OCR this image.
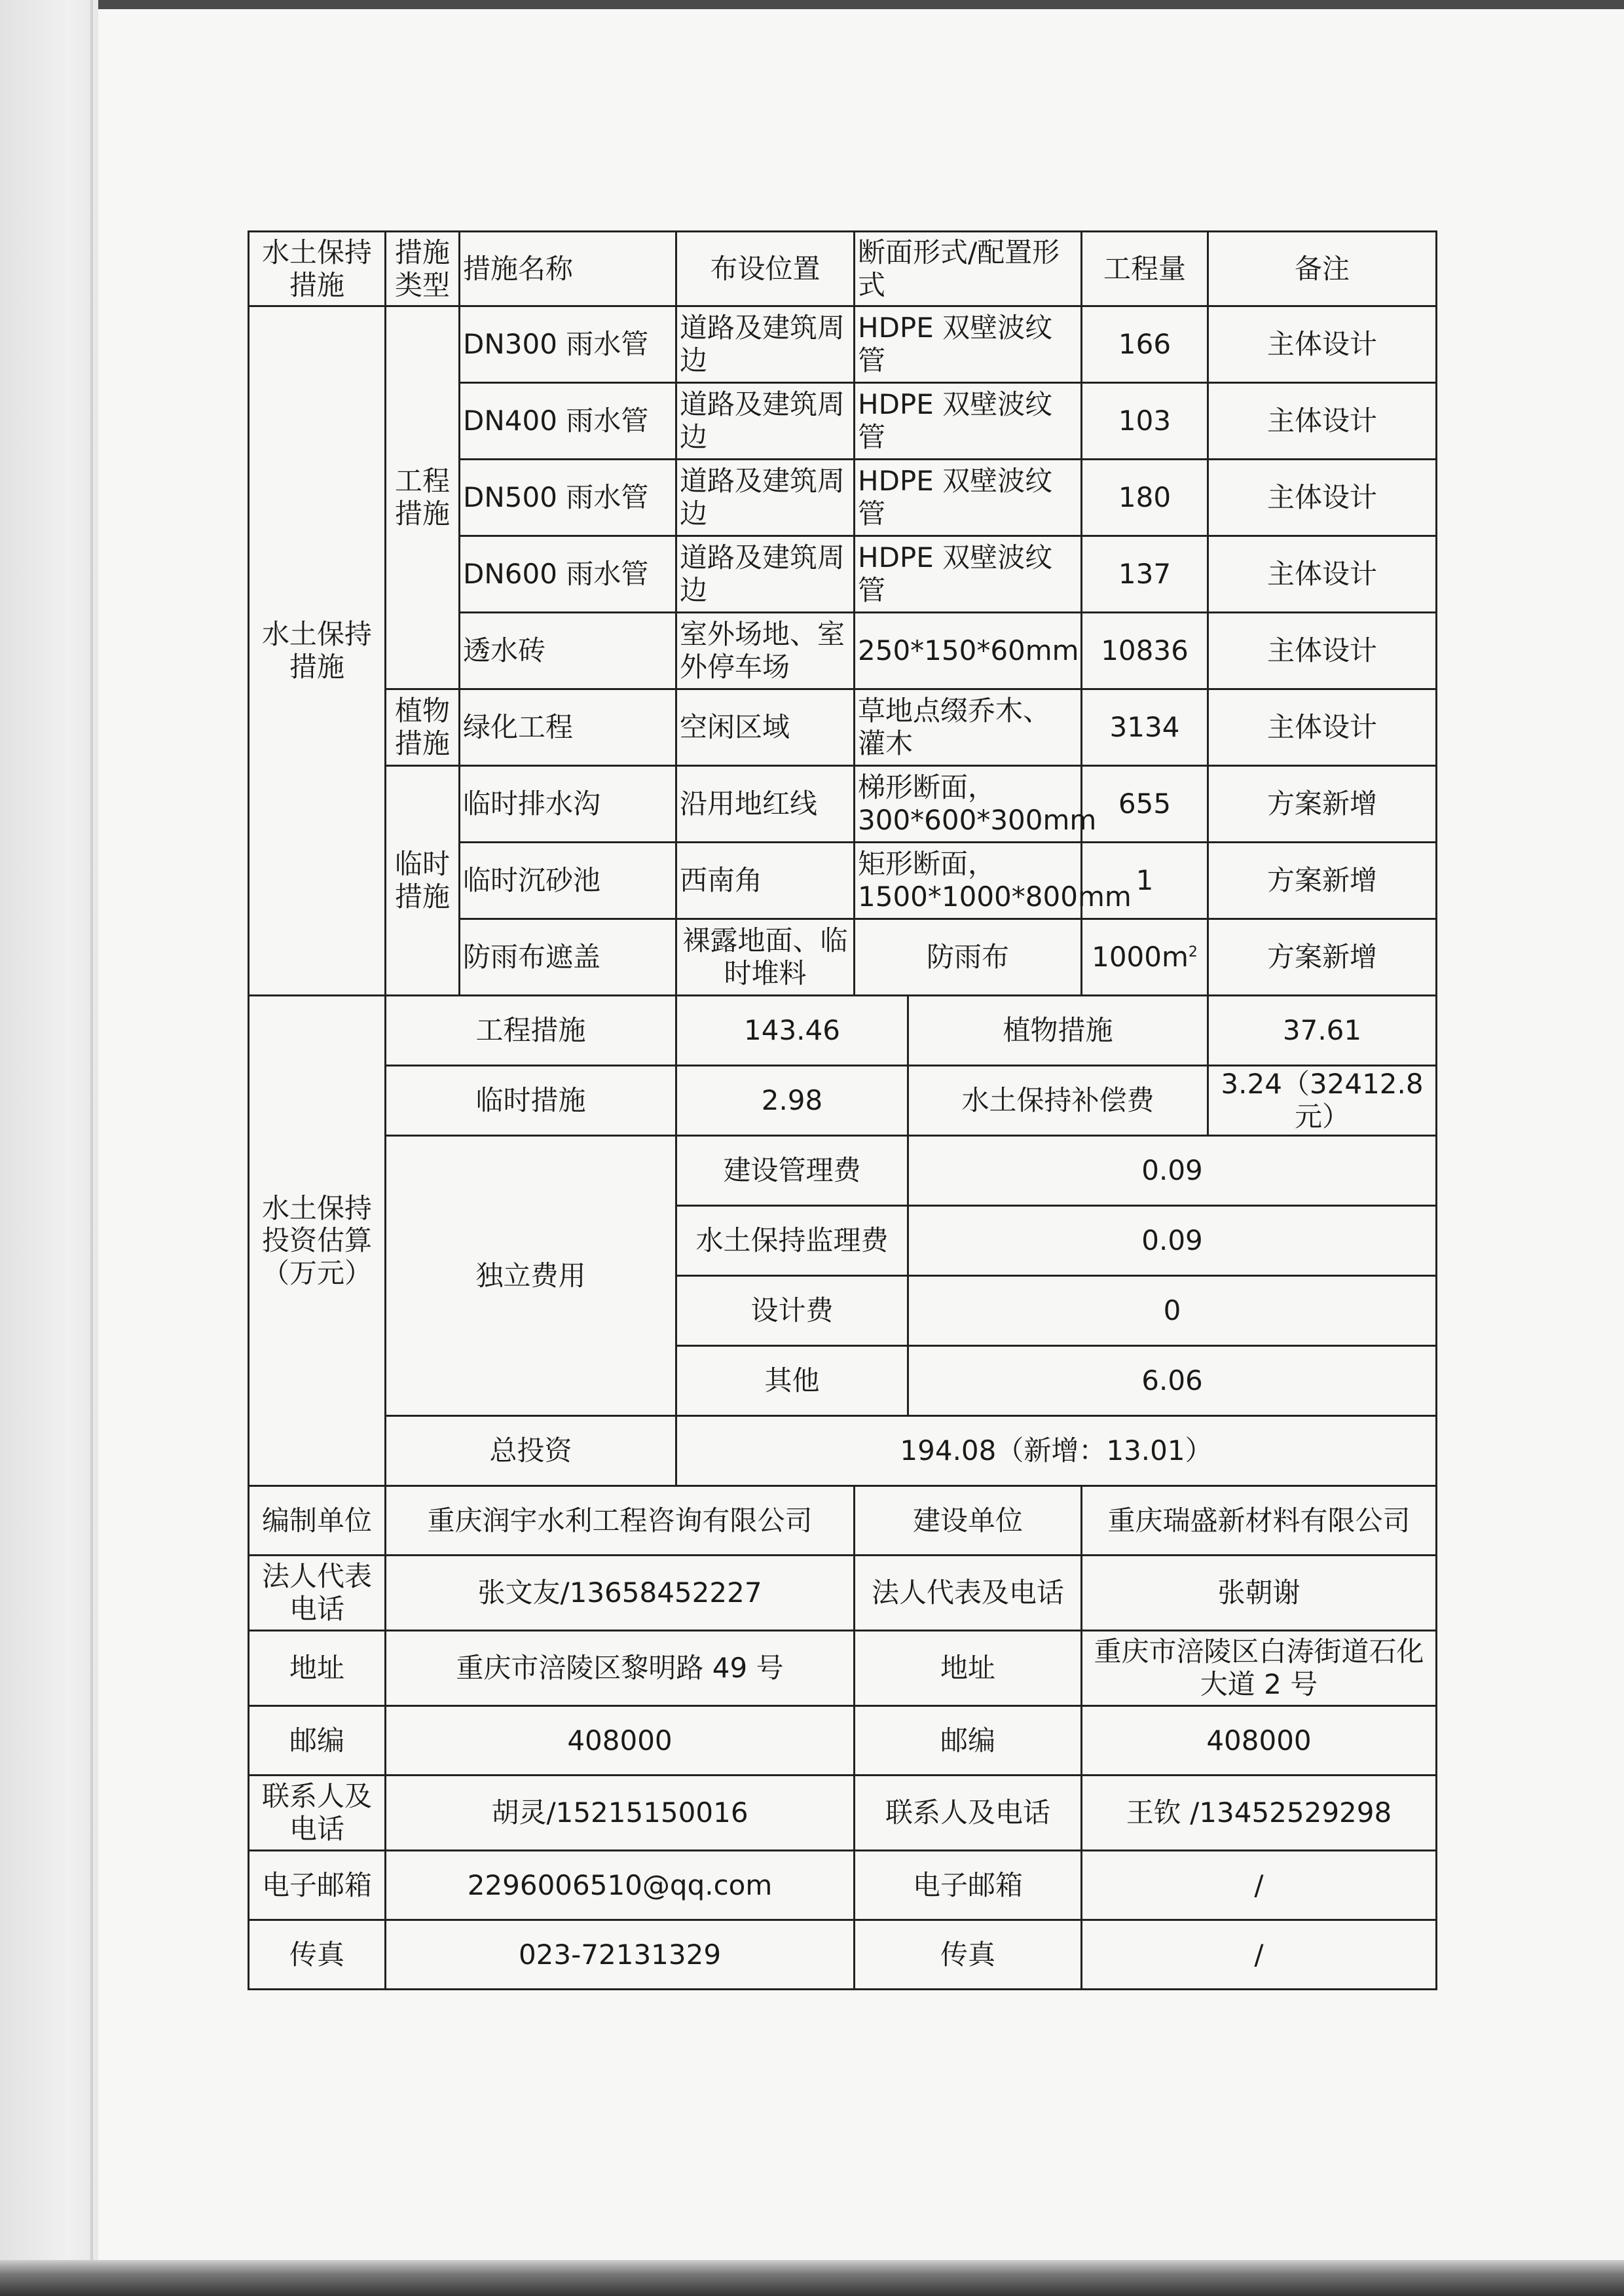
水土保持措施	措施类型	措施名称	布设位置	断面形式/配置形式		工程量	备注
水土保持措施	工程措施	DN300 雨水管	道路及建筑周边	HDPE 双壁波纹管		166	主体设计
		DN400 雨水管	道路及建筑周边	HDPE 双壁波纹管		103	主体设计
		DN500 雨水管	道路及建筑周边	HDPE 双壁波纹管		180	主体设计
		DN600 雨水管	道路及建筑周边	HDPE 双壁波纹管		137	主体设计
		透水砖	室外场地、室外停车场	250*150*60mm		10836	主体设计
	植物措施	绿化工程	空闲区域	草地点缀乔木、灌木		3134	主体设计
	临时措施	临时排水沟	沿用地红线	梯形断面，300*600*300mm		655	方案新增
		临时沉砂池	西南角	矩形断面，1500*1000*800mm		1	方案新增
		防雨布遮盖	裸露地面、临时堆料	防雨布		$1000m^2$	方案新增
水土保持投资估算（万元）	工程措施		143.46		植物措施		37.61
	临时措施		2.98		水土保持补偿费		3.24（32412.8 元）
	独立费用		建设管理费		0.09		
			水土保持监理费		0.09		
			设计费		0		
			其他		6.06		
	总投资		194.08（新增：13.01）				
编制单位	重庆润宇水利工程咨询有限公司			建设单位		重庆瑞盛新材料有限公司	
法人代表电话	张文友/13658452227			法人代表及电话		张朝谢	
地址	重庆市涪陵区黎明路 49 号			地址		重庆市涪陵区白涛街道石化大道 2 号	
邮编	408000			邮编		408000	
联系人及电话	胡灵/15215150016			联系人及电话		王钦 /13452529298	
电子邮箱	2296006510@qq.com			电子邮箱		/	
传真	023-72131329			传真		/	
